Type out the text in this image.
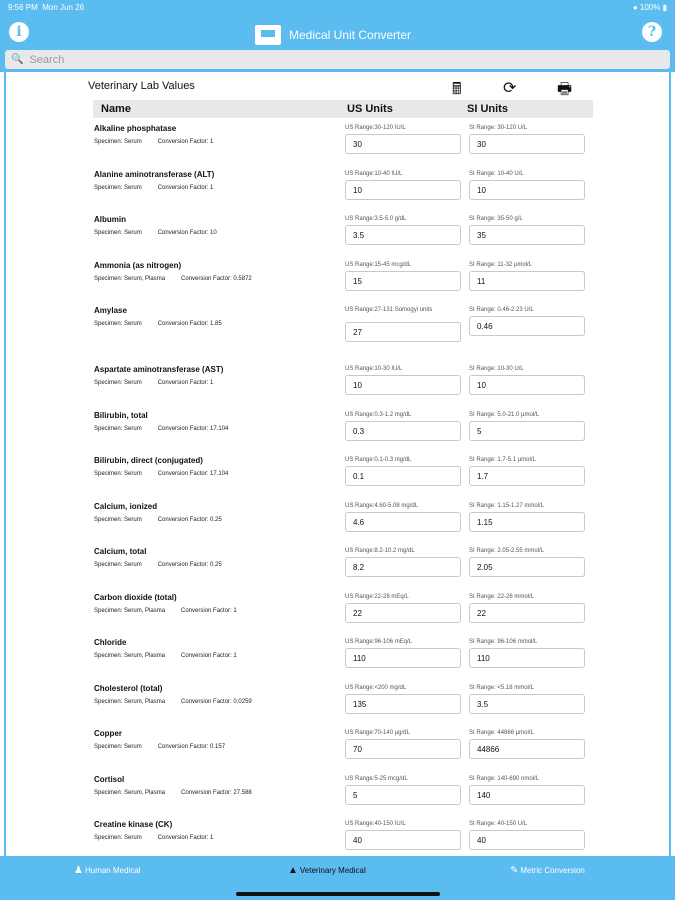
9:56 PM Mon Jun 26	● 100% ▮
i	Medical Unit Converter	?
🔍 Search
Veterinary Lab Values	🖩	⟳	🖶
Name	US Units	SI Units
Alkaline phosphatase
Specimen: Serum	Conversion Factor: 1
US Range:30-120 IU/L
30
SI Range: 30-120 U/L
30
Alanine aminotransferase (ALT)
Specimen: Serum	Conversion Factor: 1
US Range:10-40 IU/L
10
SI Range: 10-40 U/L
10
Albumin
Specimen: Serum	Conversion Factor: 10
US Range:3.5-5.0 g/dL
3.5
SI Range: 35-50 g/L
35
Ammonia (as nitrogen)
Specimen: Serum, Plasma	Conversion Factor: 0.5872
US Range:15-45 mcg/dL
15
SI Range: 11-32 µmol/L
11
Amylase
Specimen: Serum	Conversion Factor: 1.85
US Range:27-131 Somogyi units
27
SI Range: 0.46-2.23 U/L
0.46
Aspartate aminotransferase (AST)
Specimen: Serum	Conversion Factor: 1
US Range:10-30 IU/L
10
SI Range: 10-30 U/L
10
Bilirubin, total
Specimen: Serum	Conversion Factor: 17.104
US Range:0.3-1.2 mg/dL
0.3
SI Range: 5.0-21.0 µmol/L
5
Bilirubin, direct (conjugated)
Specimen: Serum	Conversion Factor: 17.104
US Range:0.1-0.3 mg/dL
0.1
SI Range: 1.7-5.1 µmol/L
1.7
Calcium, ionized
Specimen: Serum	Conversion Factor: 0.25
US Range:4.60-5.08 mg/dL
4.6
SI Range: 1.15-1.27 mmol/L
1.15
Calcium, total
Specimen: Serum	Conversion Factor: 0.25
US Range:8.2-10.2 mg/dL
8.2
SI Range: 2.05-2.55 mmol/L
2.05
Carbon dioxide (total)
Specimen: Serum, Plasma	Conversion Factor: 1
US Range:22-28 mEq/L
22
SI Range: 22-28 mmol/L
22
Chloride
Specimen: Serum, Plasma	Conversion Factor: 1
US Range:96-106 mEq/L
110
SI Range: 96-106 mmol/L
110
Cholesterol (total)
Specimen: Serum, Plasma	Conversion Factor: 0.0259
US Range:<200 mg/dL
135
SI Range: <5.18 mmol/L
3.5
Copper
Specimen: Serum	Conversion Factor: 0.157
US Range:70-140 µg/dL
70
SI Range: 44866 µmol/L
44866
Cortisol
Specimen: Serum, Plasma	Conversion Factor: 27.588
US Range:5-25 mcg/dL
5
SI Range: 140-690 nmol/L
140
Creatine kinase (CK)
Specimen: Serum	Conversion Factor: 1
US Range:40-150 IU/L
40
SI Range: 40-150 U/L
40
♟ Human Medical	▲ Veterinary Medical	✎ Metric Conversion
